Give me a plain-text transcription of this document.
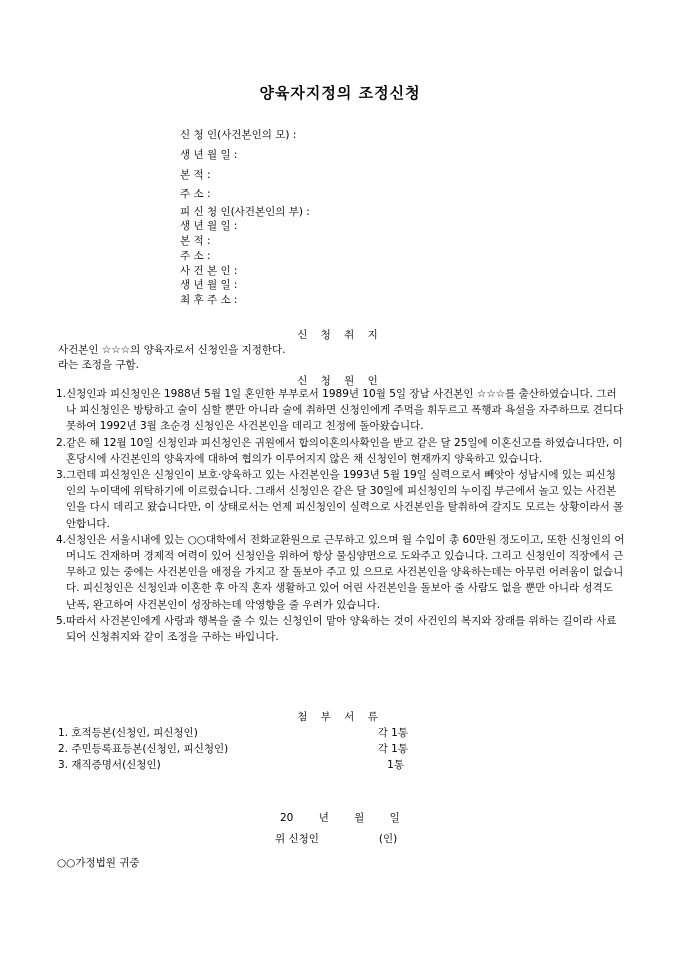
양육자지정의 조정신청
신 청 인(사건본인의 모) :
생 년 월 일 :
본 적 :
주 소 :
피 신 청 인(사건본인의 부) :
생 년 월 일 :
본 적 :
주 소 :
사 건 본 인 :
생 년 월 일 :
최 후 주 소 :
신 청 취 지
사건본인 ☆☆☆의 양육자로서 신청인을 지정한다.
라는 조정을 구함.
신 청 원 인
1. 신청인과 피신청인은 1988년 5월 1일 혼인한 부부로서 1989년 10월 5일 장남 사건본인 ☆☆☆를 출산하였습니다. 그러나 피신청인은 방탕하고 술이 심할 뿐만 아니라 술에 취하면 신청인에게 주먹을 휘두르고 폭행과 욕설을 자주하므로 견디다 못하여 1992년 3월 초순경 신청인은 사건본인을 데리고 친정에 돌아왔습니다.
2. 같은 해 12월 10일 신청인과 피신청인은 귀원에서 합의이혼의사확인을 받고 같은 달 25일에 이혼신고를 하였습니다만, 이혼당시에 사건본인의 양육자에 대하여 협의가 이루어지지 않은 채 신청인이 현재까지 양육하고 있습니다.
3. 그런데 피신청인은 신청인이 보호·양육하고 있는 사건본인을 1993년 5월 19일 실력으로서 빼앗아 성남시에 있는 피신청인의 누이댁에 위탁하기에 이르렀습니다. 그래서 신청인은 같은 달 30일에 피신청인의 누이집 부근에서 놀고 있는 사건본인을 다시 데리고 왔습니다만, 이 상태로서는 언제 피신청인이 실력으로 사건본인을 탈취하여 갈지도 모르는 상황이라서 몰안합니다.
4. 신청인은 서울시내에 있는 ○○대학에서 전화교환원으로 근무하고 있으며 월 수입이 총 60만원 정도이고, 또한 신청인의 어머니도 건재하며 경제적 여력이 있어 신청인을 위하여 항상 물심양면으로 도와주고 있습니다. 그리고 신청인이 직장에서 근무하고 있는 중에는 사건본인을 애정을 가지고 잘 돌보아 주고 있 으므로 사건본인을 양육하는데는 아무런 어려움이 없습니다. 피신청인은 신청인과 이혼한 후 아직 혼자 생활하고 있어 어린 사건본인을 돌보아 줄 사람도 없을 뿐만 아니라 성격도 난폭, 완고하여 사건본인이 성장하는데 악영향을 줄 우려가 있습니다.
5. 따라서 사건본인에게 사랑과 행복을 줄 수 있는 신청인이 맡아 양육하는 것이 사건인의 복지와 장래를 위하는 길이라 사료되어 신청취지와 같이 조정을 구하는 바입니다.
첨 부 서 류
1. 호적등본(신청인, 피신청인)	각 1통
2. 주민등록표등본(신청인, 피신청인)	각 1통
3. 재직증명서(신청인)	1통
20 년 월 일
위 신청인	(인)
○○가정법원 귀중
